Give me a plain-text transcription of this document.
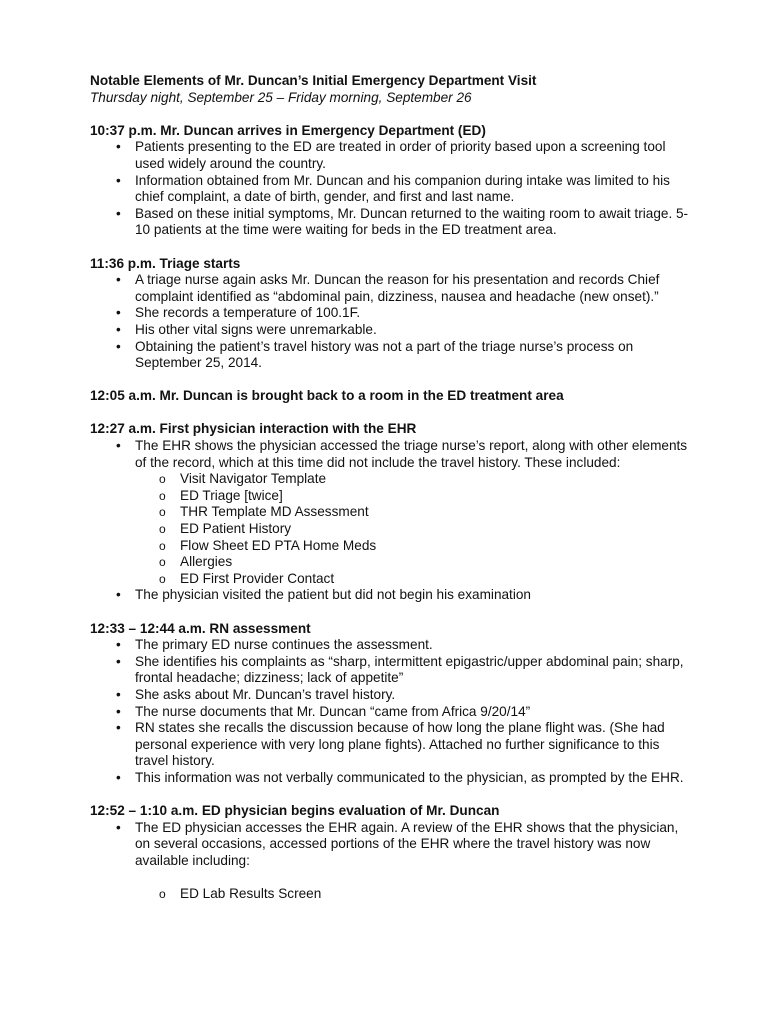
Notable Elements of Mr. Duncan’s Initial Emergency Department Visit

Thursday night, September 25 – Friday morning, September 26

10:37 p.m. Mr. Duncan arrives in Emergency Department (ED)

• Patients presenting to the ED are treated in order of priority based upon a screening tool used widely around the country.
• Information obtained from Mr. Duncan and his companion during intake was limited to his chief complaint, a date of birth, gender, and first and last name.
• Based on these initial symptoms, Mr. Duncan returned to the waiting room to await triage. 5-10 patients at the time were waiting for beds in the ED treatment area.

11:36 p.m. Triage starts

• A triage nurse again asks Mr. Duncan the reason for his presentation and records Chief complaint identified as “abdominal pain, dizziness, nausea and headache (new onset).”
• She records a temperature of 100.1F.
• His other vital signs were unremarkable.
• Obtaining the patient’s travel history was not a part of the triage nurse’s process on September 25, 2014.

12:05 a.m. Mr. Duncan is brought back to a room in the ED treatment area

12:27 a.m. First physician interaction with the EHR

• The EHR shows the physician accessed the triage nurse’s report, along with other elements of the record, which at this time did not include the travel history. These included:
o Visit Navigator Template
o ED Triage [twice]
o THR Template MD Assessment
o ED Patient History
o Flow Sheet ED PTA Home Meds
o Allergies
o ED First Provider Contact
• The physician visited the patient but did not begin his examination

12:33 – 12:44 a.m. RN assessment

• The primary ED nurse continues the assessment.
• She identifies his complaints as “sharp, intermittent epigastric/upper abdominal pain; sharp, frontal headache; dizziness; lack of appetite”
• She asks about Mr. Duncan’s travel history.
• The nurse documents that Mr. Duncan “came from Africa 9/20/14”
• RN states she recalls the discussion because of how long the plane flight was. (She had personal experience with very long plane fights). Attached no further significance to this travel history.
• This information was not verbally communicated to the physician, as prompted by the EHR.

12:52 – 1:10 a.m. ED physician begins evaluation of Mr. Duncan

• The ED physician accesses the EHR again. A review of the EHR shows that the physician, on several occasions, accessed portions of the EHR where the travel history was now available including:
o ED Lab Results Screen
